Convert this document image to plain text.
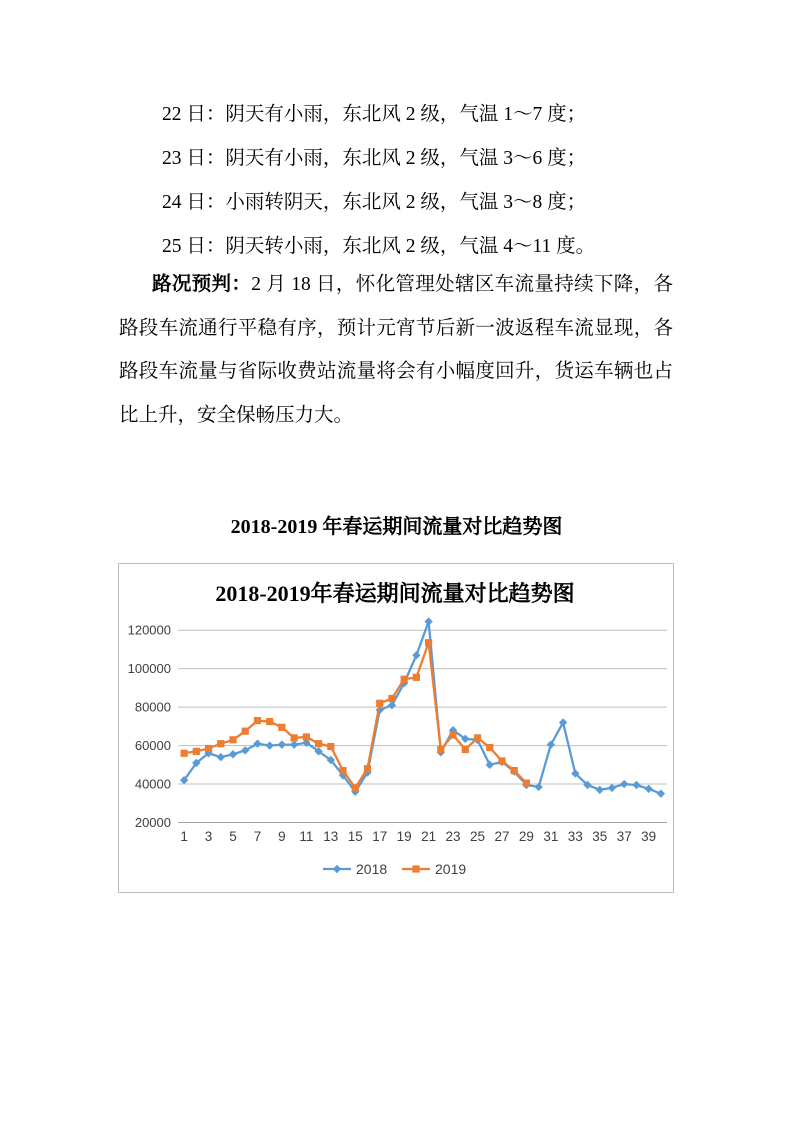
22 日：阴天有小雨，东北风 2 级，气温 1～7 度；

23 日：阴天有小雨，东北风 2 级，气温 3～6 度；

24 日：小雨转阴天，东北风 2 级，气温 3～8 度；

25 日：阴天转小雨，东北风 2 级，气温 4～11 度。

路况预判：2 月 18 日，怀化管理处辖区车流量持续下降，各路段车流通行平稳有序，预计元宵节后新一波返程车流显现，各路段车流量与省际收费站流量将会有小幅度回升，货运车辆也占比上升，安全保畅压力大。

2018-2019 年春运期间流量对比趋势图
20000
40000
60000
80000
100000
120000
2018-2019年春运期间流量对比趋势图
1 3 5 7 9 11 13 15 17 19 21 23 25 27 29 31 33 35 37 39
2018	2019
